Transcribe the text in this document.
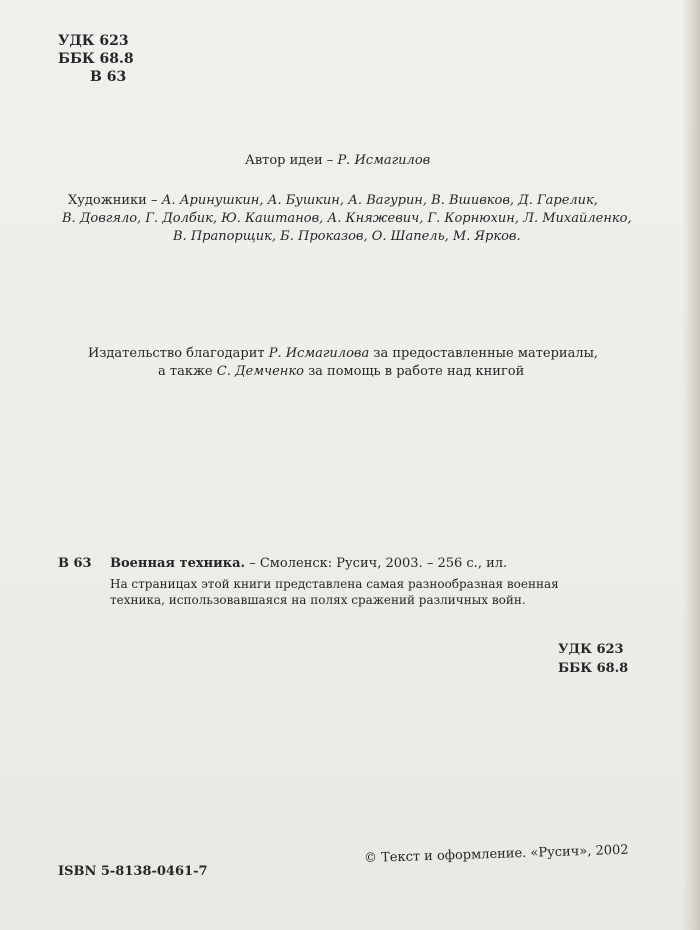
УДК 623
ББК 68.8
В 63
Автор идеи – Р. Исмагилов
Художники – А. Аринушкин, А. Бушкин, А. Вагурин, В. Вшивков, Д. Гарелик,
В. Довгяло, Г. Долбик, Ю. Каштанов, А. Княжевич, Г. Корнюхин, Л. Михайленко,
В. Прапорщик, Б. Проказов, О. Шапель, М. Ярков.
Издательство благодарит Р. Исмагилова за предоставленные материалы,
а также С. Демченко за помощь в работе над книгой
В 63 Военная техника. – Смоленск: Русич, 2003. – 256 с., ил.
На страницах этой книги представлена самая разнообразная военная
техника, использовавшаяся на полях сражений различных войн.
УДК 623
ББК 68.8
ISBN 5-8138-0461-7
© Текст и оформление. «Русич», 2002
